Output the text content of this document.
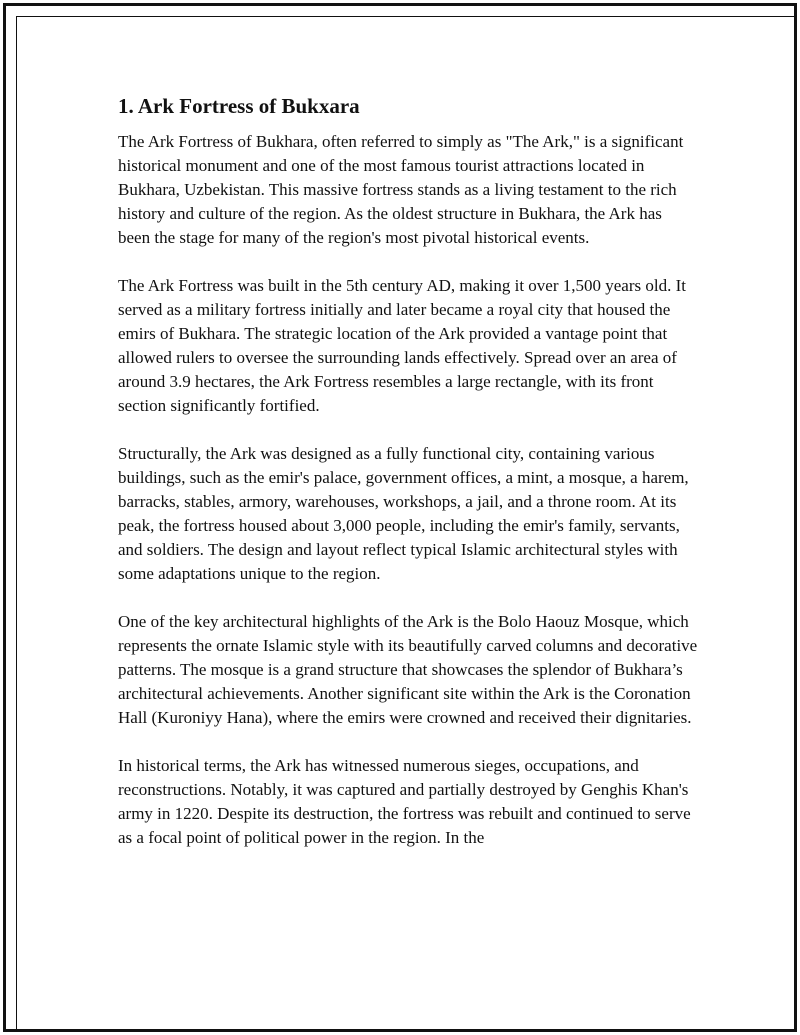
1. Ark Fortress of Bukxara

The Ark Fortress of Bukhara, often referred to simply as "The Ark," is a significant historical monument and one of the most famous tourist attractions located in Bukhara, Uzbekistan. This massive fortress stands as a living testament to the rich history and culture of the region. As the oldest structure in Bukhara, the Ark has been the stage for many of the region's most pivotal historical events.

The Ark Fortress was built in the 5th century AD, making it over 1,500 years old. It served as a military fortress initially and later became a royal city that housed the emirs of Bukhara. The strategic location of the Ark provided a vantage point that allowed rulers to oversee the surrounding lands effectively. Spread over an area of around 3.9 hectares, the Ark Fortress resembles a large rectangle, with its front section significantly fortified.

Structurally, the Ark was designed as a fully functional city, containing various buildings, such as the emir's palace, government offices, a mint, a mosque, a harem, barracks, stables, armory, warehouses, workshops, a jail, and a throne room. At its peak, the fortress housed about 3,000 people, including the emir's family, servants, and soldiers. The design and layout reflect typical Islamic architectural styles with some adaptations unique to the region.

One of the key architectural highlights of the Ark is the Bolo Haouz Mosque, which represents the ornate Islamic style with its beautifully carved columns and decorative patterns. The mosque is a grand structure that showcases the splendor of Bukhara’s architectural achievements. Another significant site within the Ark is the Coronation Hall (Kuroniyy Hana), where the emirs were crowned and received their dignitaries.

In historical terms, the Ark has witnessed numerous sieges, occupations, and reconstructions. Notably, it was captured and partially destroyed by Genghis Khan's army in 1220. Despite its destruction, the fortress was rebuilt and continued to serve as a focal point of political power in the region. In the
